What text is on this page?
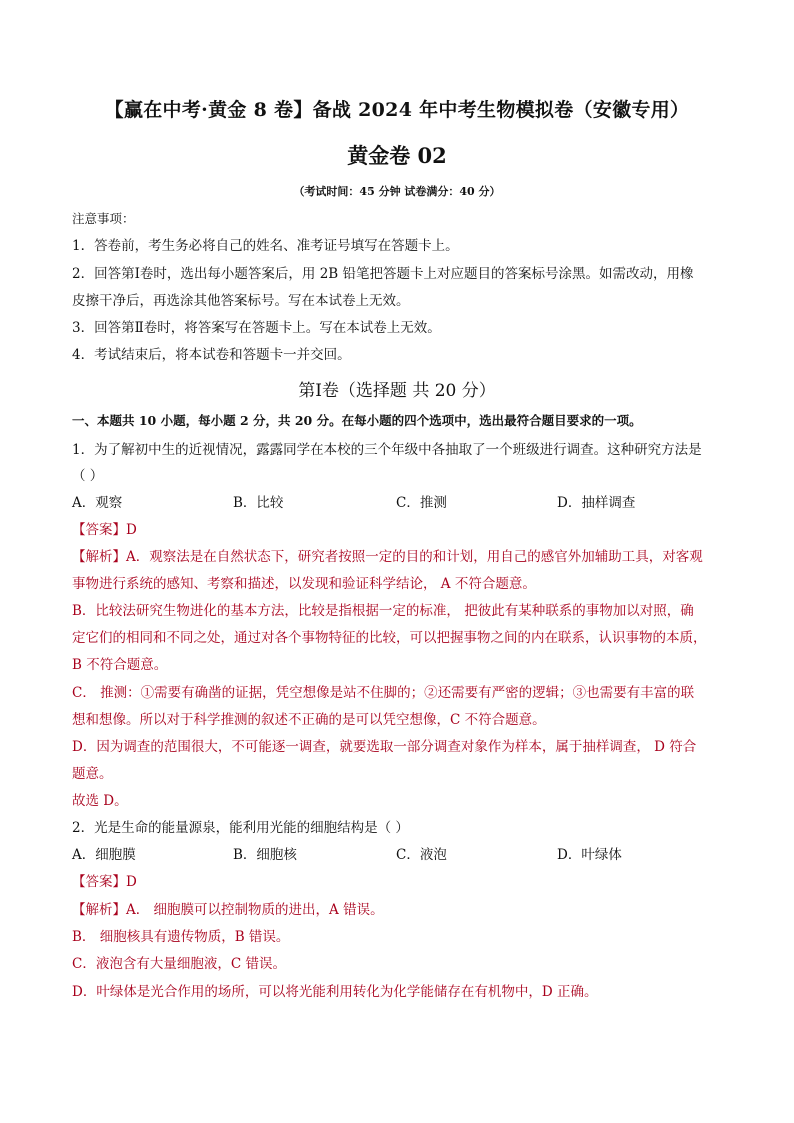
【赢在中考·黄金 8 卷】备战 2024 年中考生物模拟卷（安徽专用）
黄金卷 02
（考试时间：45 分钟 试卷满分：40 分）
注意事项：
1．答卷前，考生务必将自己的姓名、准考证号填写在答题卡上。
2．回答第Ⅰ卷时，选出每小题答案后，用 2B 铅笔把答题卡上对应题目的答案标号涂黑。如需改动，用橡
皮擦干净后，再选涂其他答案标号。写在本试卷上无效。
3．回答第Ⅱ卷时，将答案写在答题卡上。写在本试卷上无效。
4．考试结束后，将本试卷和答题卡一并交回。
第Ⅰ卷（选择题 共 20 分）
一、本题共 10 小题，每小题 2 分，共 20 分。在每小题的四个选项中，选出最符合题目要求的一项。
1．为了解初中生的近视情况，露露同学在本校的三个年级中各抽取了一个班级进行调查。这种研究方法是
（ ）
A．观察	B．比较	C．推测	D．抽样调查
【答案】D
【解析】A．观察法是在自然状态下，研究者按照一定的目的和计划，用自己的感官外加辅助工具，对客观
事物进行系统的感知、考察和描述，以发现和验证科学结论， A 不符合题意。
B．比较法研究生物进化的基本方法，比较是指根据一定的标准， 把彼此有某种联系的事物加以对照，确
定它们的相同和不同之处，通过对各个事物特征的比较，可以把握事物之间的内在联系，认识事物的本质，
B 不符合题意。
C． 推测：①需要有确凿的证据，凭空想像是站不住脚的；②还需要有严密的逻辑；③也需要有丰富的联
想和想像。所以对于科学推测的叙述不正确的是可以凭空想像，C 不符合题意。
D．因为调查的范围很大，不可能逐一调查，就要选取一部分调查对象作为样本，属于抽样调查， D 符合
题意。
故选 D。
2．光是生命的能量源泉，能利用光能的细胞结构是（ ）
A．细胞膜	B．细胞核	C．液泡	D．叶绿体
【答案】D
【解析】A． 细胞膜可以控制物质的进出，A 错误。
B． 细胞核具有遗传物质，B 错误。
C．液泡含有大量细胞液，C 错误。
D．叶绿体是光合作用的场所，可以将光能利用转化为化学能储存在有机物中，D 正确。
